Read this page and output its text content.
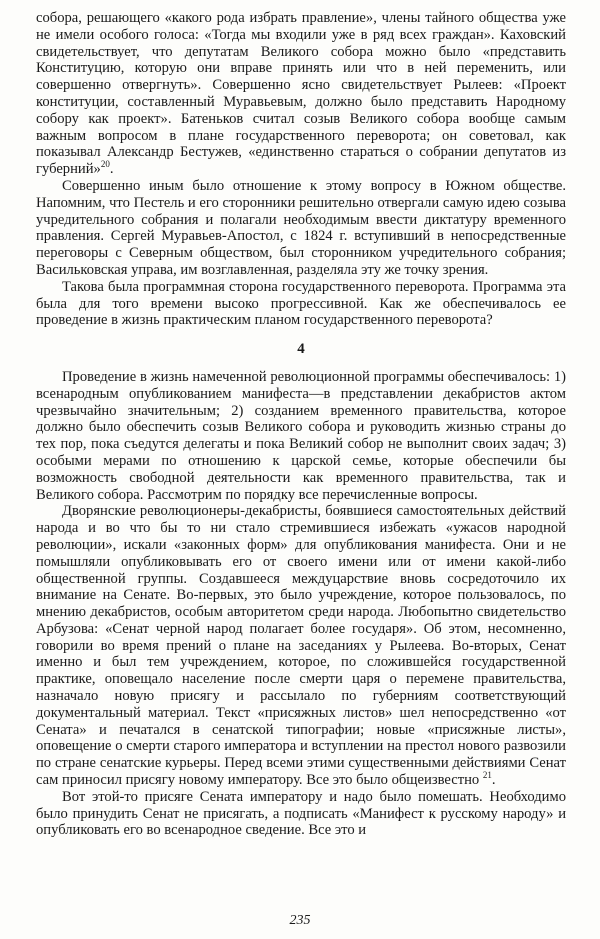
собора, решающего «какого рода избрать правление», члены тайного общества уже не имели особого голоса: «Тогда мы входили уже в ряд всех граждан». Каховский свидетельствует, что депутатам Великого собора можно было «представить Конституцию, которую они вправе принять или что в ней переменить, или совершенно отвергнуть». Совершенно ясно свидетельствует Рылеев: «Проект конституции, составленный Муравьевым, должно было представить Народному собору как проект». Батеньков считал созыв Великого собора вообще самым важным вопросом в плане государственного переворота; он советовал, как показывал Александр Бестужев, «единственно стараться о собрании депутатов из губерний»$^{20}$.

Совершенно иным было отношение к этому вопросу в Южном обществе. Напомним, что Пестель и его сторонники решительно отвергали самую идею созыва учредительного собрания и полагали необходимым ввести диктатуру временного правления. Сергей Муравьев-Апостол, с 1824 г. вступивший в непосредственные переговоры с Северным обществом, был сторонником учредительного собрания; Васильковская управа, им возглавленная, разделяла эту же точку зрения.

Такова была программная сторона государственного переворота. Программа эта была для того времени высоко прогрессивной. Как же обеспечивалось ее проведение в жизнь практическим планом государственного переворота?

4

Проведение в жизнь намеченной революционной программы обеспечивалось: 1) всенародным опубликованием манифеста—в представлении декабристов актом чрезвычайно значительным; 2) созданием временного правительства, которое должно было обеспечить созыв Великого собора и руководить жизнью страны до тех пор, пока съедутся делегаты и пока Великий собор не выполнит своих задач; 3) особыми мерами по отношению к царской семье, которые обеспечили бы возможность свободной деятельности как временного правительства, так и Великого собора. Рассмотрим по порядку все перечисленные вопросы.

Дворянские революционеры-декабристы, боявшиеся самостоятельных действий народа и во что бы то ни стало стремившиеся избежать «ужасов народной революции», искали «законных форм» для опубликования манифеста. Они и не помышляли опубликовывать его от своего имени или от имени какой-либо общественной группы. Создавшееся междуцарствие вновь сосредоточило их внимание на Сенате. Во-первых, это было учреждение, которое пользовалось, по мнению декабристов, особым авторитетом среди народа. Любопытно свидетельство Арбузова: «Сенат черной народ полагает более государя». Об этом, несомненно, говорили во время прений о плане на заседаниях у Рылеева. Во-вторых, Сенат именно и был тем учреждением, которое, по сложившейся государственной практике, оповещало население после смерти царя о перемене правительства, назначало новую присягу и рассылало по губерниям соответствующий документальный материал. Текст «присяжных листов» шел непосредственно «от Сената» и печатался в сенатской типографии; новые «присяжные листы», оповещение о смерти старого императора и вступлении на престол нового развозили по стране сенатские курьеры. Перед всеми этими существенными действиями Сенат сам приносил присягу новому императору. Все это было общеизвестно $^{21}$.

Вот этой-то присяге Сената императору и надо было помешать. Необходимо было принудить Сенат не присягать, а подписать «Манифест к русскому народу» и опубликовать его во всенародное сведение. Все это и

235
